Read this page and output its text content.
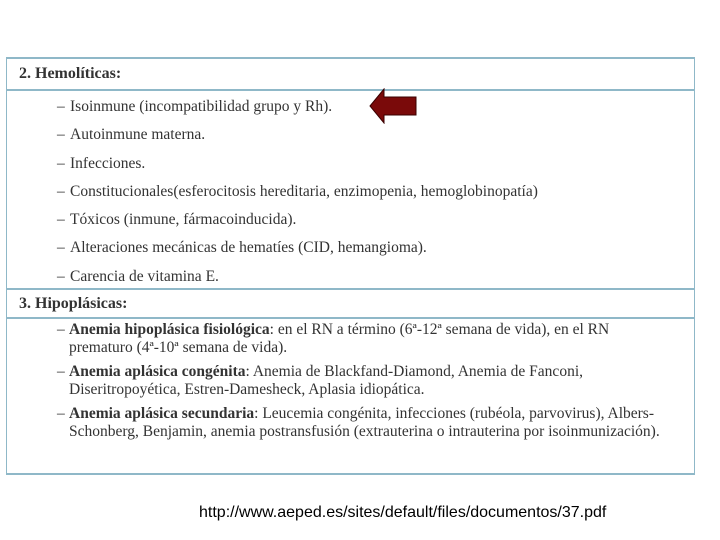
2. Hemolíticas:
– Isoinmune (incompatibilidad grupo y Rh).
– Autoinmune materna.
– Infecciones.
– Constitucionales(esferocitosis hereditaria, enzimopenia, hemoglobinopatía)
– Tóxicos (inmune, fármacoinducida).
– Alteraciones mecánicas de hematíes (CID, hemangioma).
– Carencia de vitamina E.
3. Hipoplásicas:
– Anemia hipoplásica fisiológica: en el RN a término (6ª-12ª semana de vida), en el RN prematuro (4ª-10ª semana de vida).
– Anemia aplásica congénita: Anemia de Blackfand-Diamond, Anemia de Fanconi, Diseritropoyética, Estren-Damesheck, Aplasia idiopática.
– Anemia aplásica secundaria: Leucemia congénita, infecciones (rubéola, parvovirus), Albers-Schonberg, Benjamin, anemia postransfusión (extrauterina o intrauterina por isoinmunización).
http://www.aeped.es/sites/default/files/documentos/37.pdf
